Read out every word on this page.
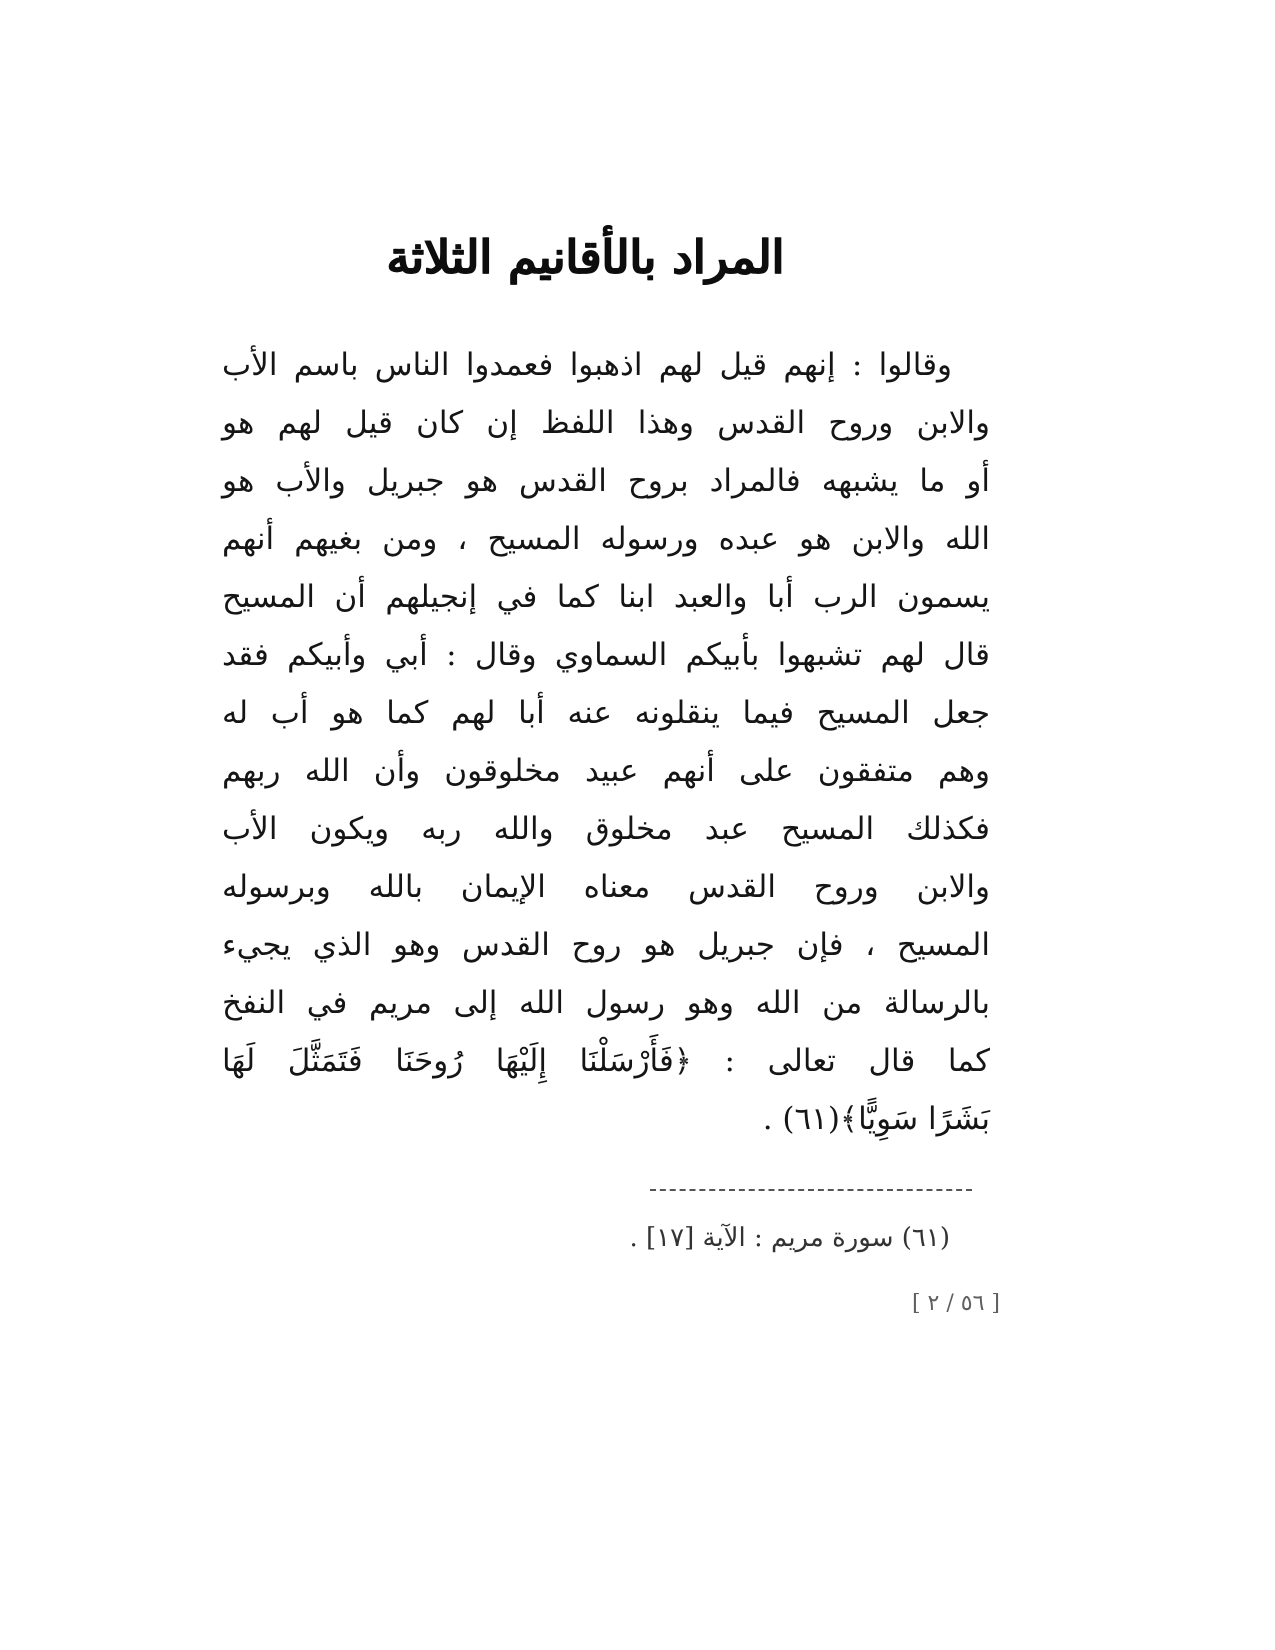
المراد بالأقانيم الثلاثة
وقالوا : إنهم قيل لهم اذهبوا فعمدوا الناس باسم الأب
والابن وروح القدس وهذا اللفظ إن كان قيل لهم هو
أو ما يشبهه فالمراد بروح القدس هو جبريل والأب هو
الله والابن هو عبده ورسوله المسيح ، ومن بغيهم أنهم
يسمون الرب أبا والعبد ابنا كما في إنجيلهم أن المسيح
قال لهم تشبهوا بأبيكم السماوي وقال : أبي وأبيكم فقد
جعل المسيح فيما ينقلونه عنه أبا لهم كما هو أب له
وهم متفقون على أنهم عبيد مخلوقون وأن الله ربهم
فكذلك المسيح عبد مخلوق والله ربه ويكون الأب
والابن وروح القدس معناه الإيمان بالله وبرسوله
المسيح ، فإن جبريل هو روح القدس وهو الذي يجيء
بالرسالة من الله وهو رسول الله إلى مريم في النفخ
كما قال تعالى : ﴿فَأَرْسَلْنَا إِلَيْهَا رُوحَنَا فَتَمَثَّلَ لَهَا
بَشَرًا سَوِيًّا﴾(٦١) .
(٦١) سورة مريم : الآية [١٧] .
[ ٥٦ / ٢ ]
